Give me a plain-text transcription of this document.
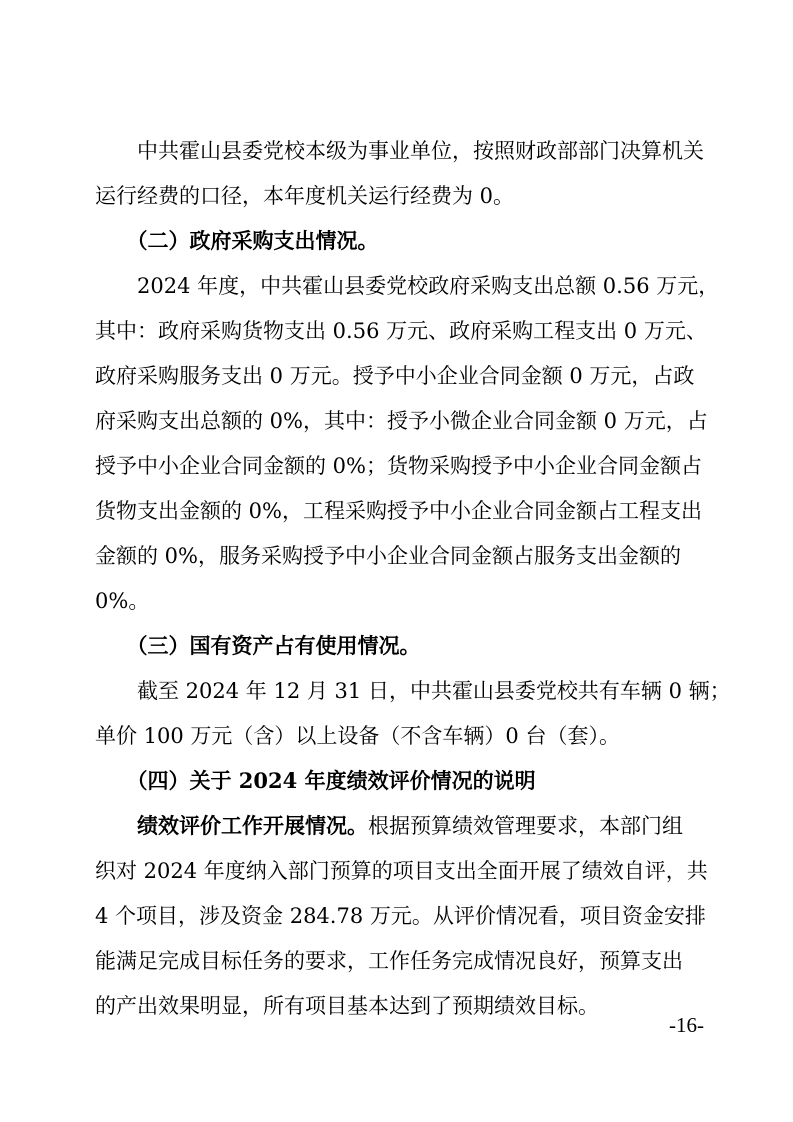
　　中共霍山县委党校本级为事业单位，按照财政部部门决算机关
运行经费的口径，本年度机关运行经费为 0。
　　（二）政府采购支出情况。
　　2024 年度，中共霍山县委党校政府采购支出总额 0.56 万元，
其中：政府采购货物支出 0.56 万元、政府采购工程支出 0 万元、
政府采购服务支出 0 万元。授予中小企业合同金额 0 万元，占政
府采购支出总额的 0%，其中：授予小微企业合同金额 0 万元，占
授予中小企业合同金额的 0%；货物采购授予中小企业合同金额占
货物支出金额的 0%，工程采购授予中小企业合同金额占工程支出
金额的 0%，服务采购授予中小企业合同金额占服务支出金额的
0%。
　　（三）国有资产占有使用情况。
　　截至 2024 年 12 月 31 日，中共霍山县委党校共有车辆 0 辆；
单价 100 万元（含）以上设备（不含车辆）0 台（套）。
　　（四）关于 2024 年度绩效评价情况的说明
　　绩效评价工作开展情况。根据预算绩效管理要求，本部门组
织对 2024 年度纳入部门预算的项目支出全面开展了绩效自评，共
4 个项目，涉及资金 284.78 万元。从评价情况看，项目资金安排
能满足完成目标任务的要求，工作任务完成情况良好，预算支出
的产出效果明显，所有项目基本达到了预期绩效目标。
-16-
